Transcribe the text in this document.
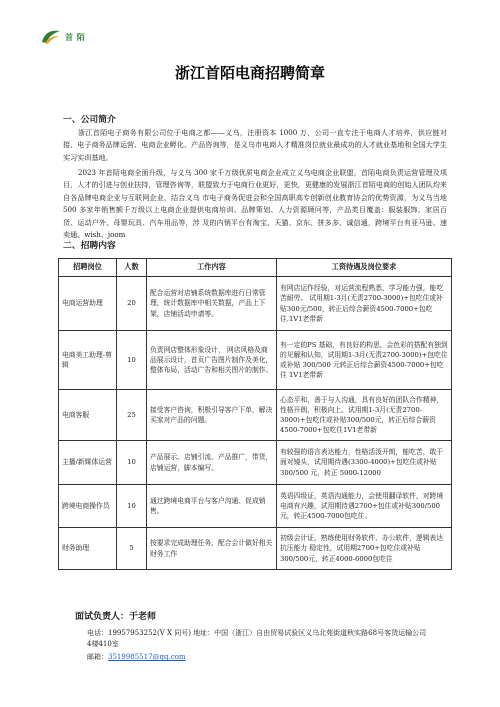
首 陌
浙江首陌电商招聘简章
一、公司简介
浙江首陌电子商务有限公司位于电商之都——义乌，注册资本 1000 万，公司一直专注于电商人才培养，供应链对接、电子商务品牌运营、电商企业孵化、产品咨询等，是义乌市电商人才精准岗位就业最成功的人才就业基地和全国大学生实习实训基地。
2023 年首陌电商全面升级，与义乌 300 家千万级优质电商企业成立义乌电商企业联盟，首陌电商负责运营管理及项目，人才的引进与创业扶持，管理咨询等，联盟致力于电商行业更好，更快，更健康的发展浙江首陌电商的创始人团队均来自各品牌电商企业与互联网企业，结合义乌 市电子商务促进会和全国高职高专创新创业教育协会的优势资源，为义乌当地 500 多家年销售额千万级以上电商企业提供电商培训、品牌策划、人力资源顾问等，产品类目覆盖：服装服饰、家居百货、运动户外、母婴玩具、汽车用品等，涉 及的内销平台有淘宝、天猫、京东、拼多多、诚信通，跨境平台有亚马逊、速卖通、wish、joom
二、招聘内容
招聘岗位	人数	工作内容	工资待遇及岗位要求
电商运营助理	20	配合运营对店铺系统数据库进行日常管理，统计数据库中相关数据，产品上下架，店铺活动申请等。	有网店运作经验，对运营流程熟悉，学习能力强，能吃苦耐劳。 试用期1-3月(无责2700-3000)+包吃住或补贴300元/500，转正后综合薪资4500-7000+包吃住.1V1老带新
电商美工助理-剪辑	10	负责网店整体形象设计， 网店风格及商品展示设计，首页广告图片制作及美化， 整体布局，活动广告和相关图片的制作。	有一定的PS 基础，有良好的构思，会色彩的搭配有独到的见解和认知，试用期1-3月(无责2700-3000)+包吃住或补贴 300/500 元转正后综合薪资4500-7000+包吃住 1V1老带新
电商客服	25	接受客户咨询，积极引导客户下单，解决买家对产品的问题。	心态平和，善于与人沟通，具有良好的团队合作精神，性格开朗，积极向上。试用期1-3月(无责2700-3000)+包吃住或补贴300/500元，转正后综合薪资4500-7000+包吃住1V1老带新
主播/新媒体运营	10	产品展示、店铺引流、产品推广，带货，店铺运营，脚本编写。	有较强的语言表达能力，性格活泼开朗，能吃苦，敢于面对镜头，试用期待遇(3300-4000)+包吃住或补贴 300/500 元，转正 5000-12000
跨境电商操作员	10	通过跨境电商平台与客户沟通、促成销售。	英语四级证，英语沟通能力，会使用翻译软件，对跨境电商有兴趣，试用期待遇2700+包住或补贴300/500元，转正4500-7000包吃住。
财务助理	5	按要求完成助理任务，配合会计做好相关财务工作	初级会计证，熟练使用财务软件、办公软件，逻辑表达 抗压能力 稳定性，试用期2700+包吃住或补贴300/500元，转正4000-6000包吃住
面试负责人：于老师
电话：19957953252(V X 同号) 地址：中国（浙江）自由贸易试验区义乌北苑街道秋实路68号客货运输公司4楼410室
邮箱：3519985517@qq.com
